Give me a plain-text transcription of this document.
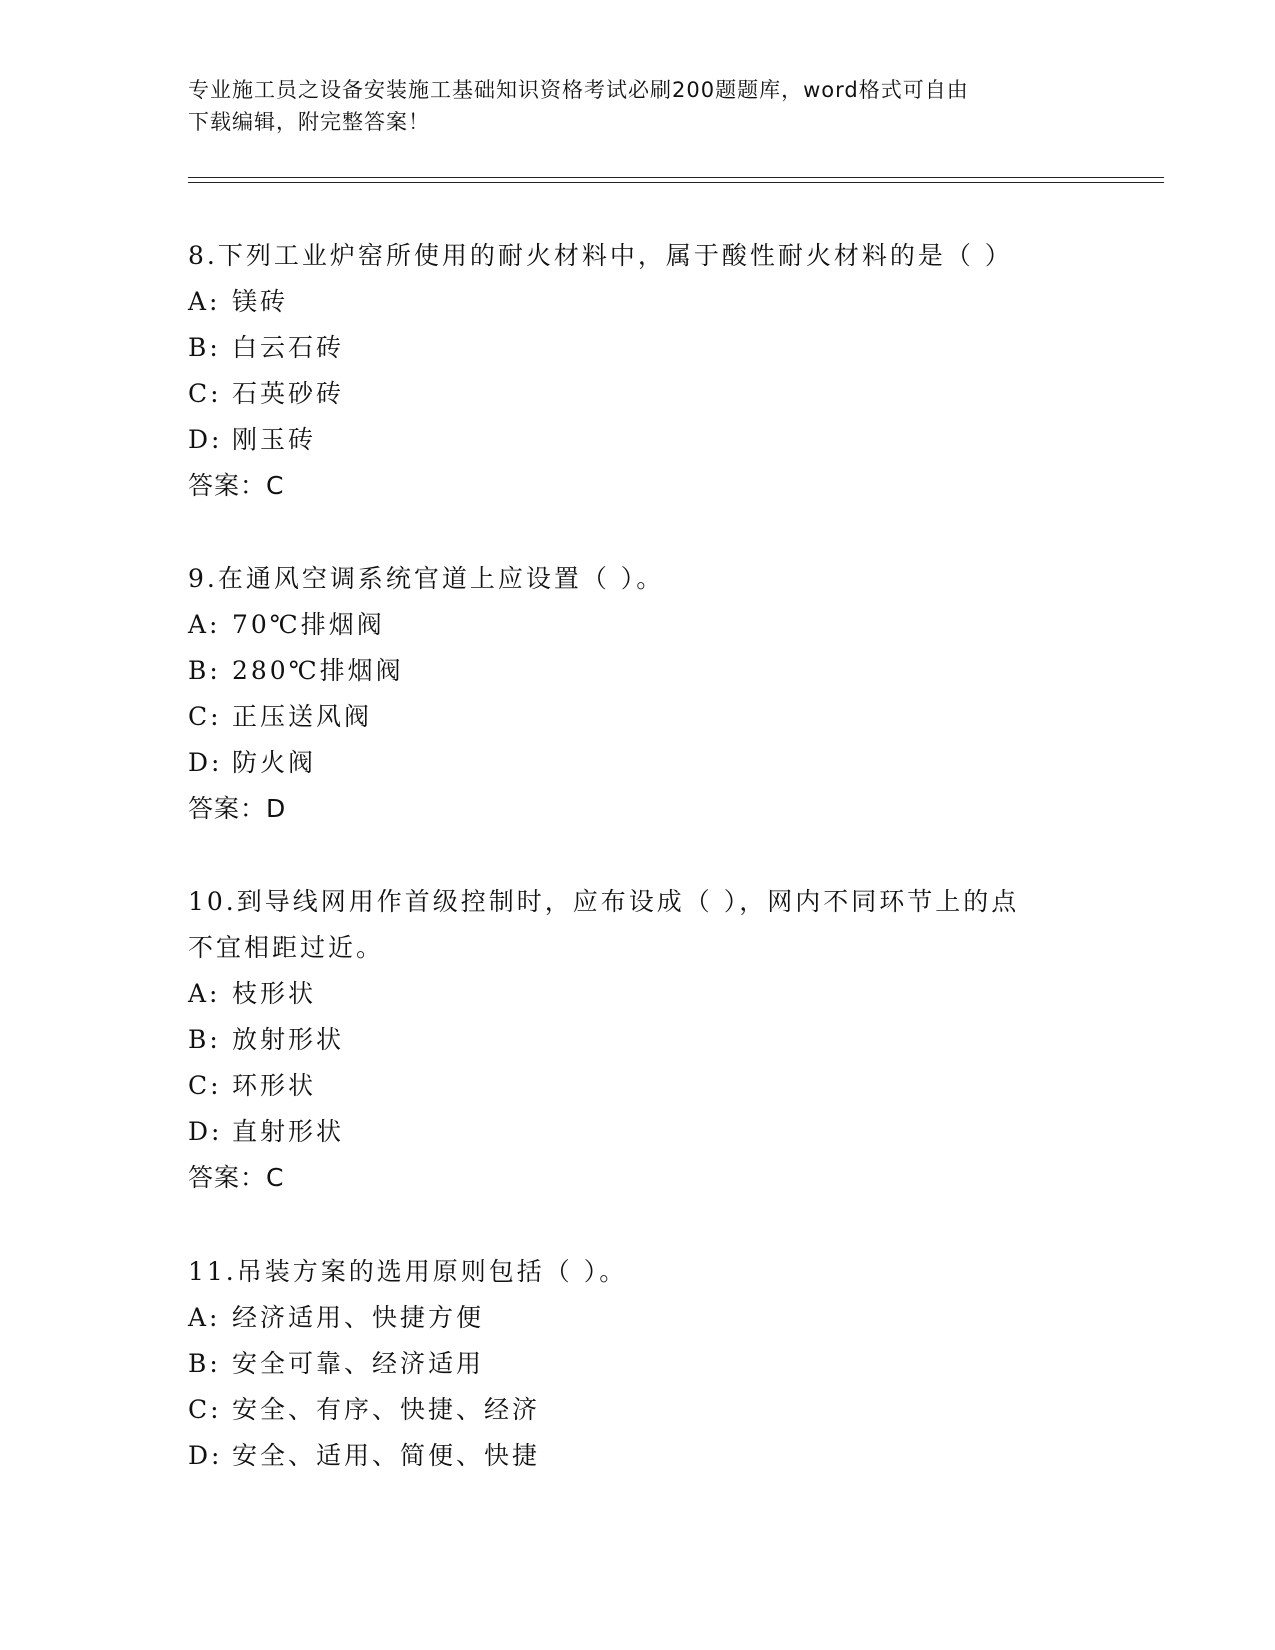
专业施工员之设备安装施工基础知识资格考试必刷200题题库，word格式可自由
下载编辑，附完整答案！
8.下列工业炉窑所使用的耐火材料中，属于酸性耐火材料的是（ ）
A: 镁砖
B: 白云石砖
C: 石英砂砖
D: 刚玉砖
答案：C
9.在通风空调系统官道上应设置（ ）。
A: 70℃排烟阀
B: 280℃排烟阀
C: 正压送风阀
D: 防火阀
答案：D
10.到导线网用作首级控制时，应布设成（ ），网内不同环节上的点不宜相距过近。
A: 枝形状
B: 放射形状
C: 环形状
D: 直射形状
答案：C
11.吊装方案的选用原则包括（ ）。
A: 经济适用、快捷方便
B: 安全可靠、经济适用
C: 安全、有序、快捷、经济
D: 安全、适用、简便、快捷
